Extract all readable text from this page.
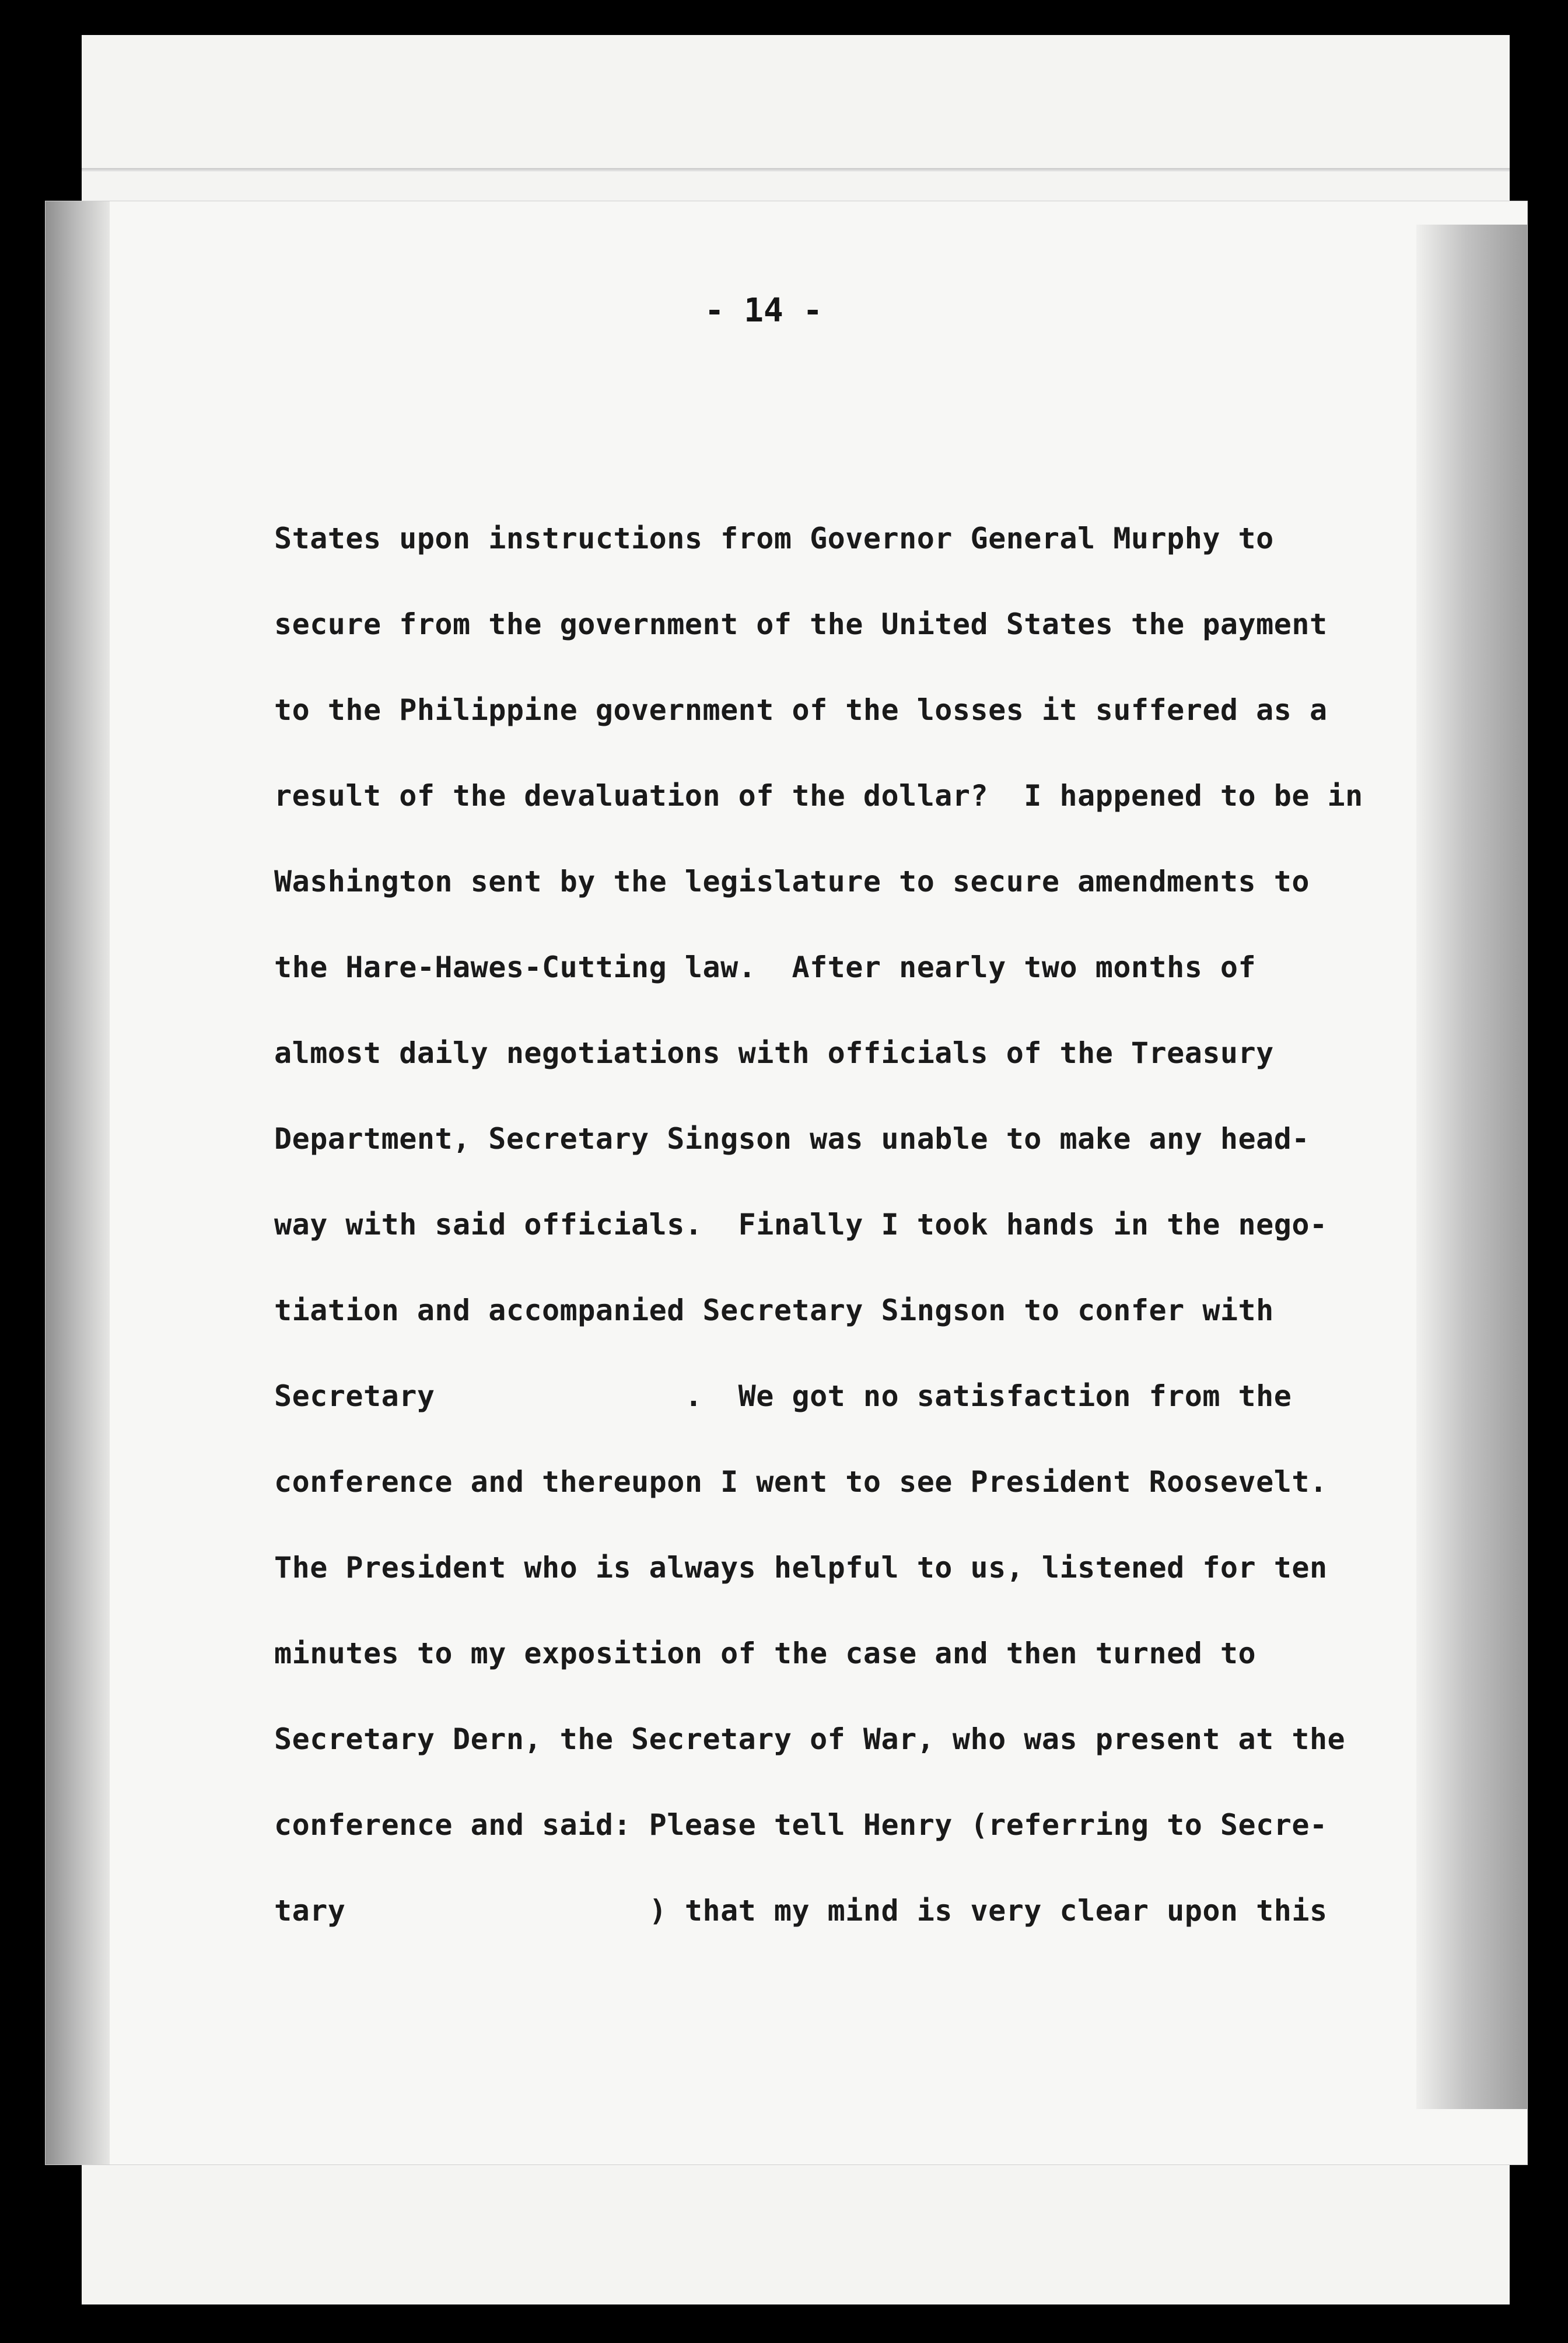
- 14 -
States upon instructions from Governor General Murphy to
secure from the government of the United States the payment
to the Philippine government of the losses it suffered as a
result of the devaluation of the dollar?  I happened to be in
Washington sent by the legislature to secure amendments to
the Hare-Hawes-Cutting law.  After nearly two months of
almost daily negotiations with officials of the Treasury
Department, Secretary Singson was unable to make any head-
way with said officials.  Finally I took hands in the nego-
tiation and accompanied Secretary Singson to confer with
Secretary              .  We got no satisfaction from the
conference and thereupon I went to see President Roosevelt.
The President who is always helpful to us, listened for ten
minutes to my exposition of the case and then turned to
Secretary Dern, the Secretary of War, who was present at the
conference and said: Please tell Henry (referring to Secre-
tary                 ) that my mind is very clear upon this
